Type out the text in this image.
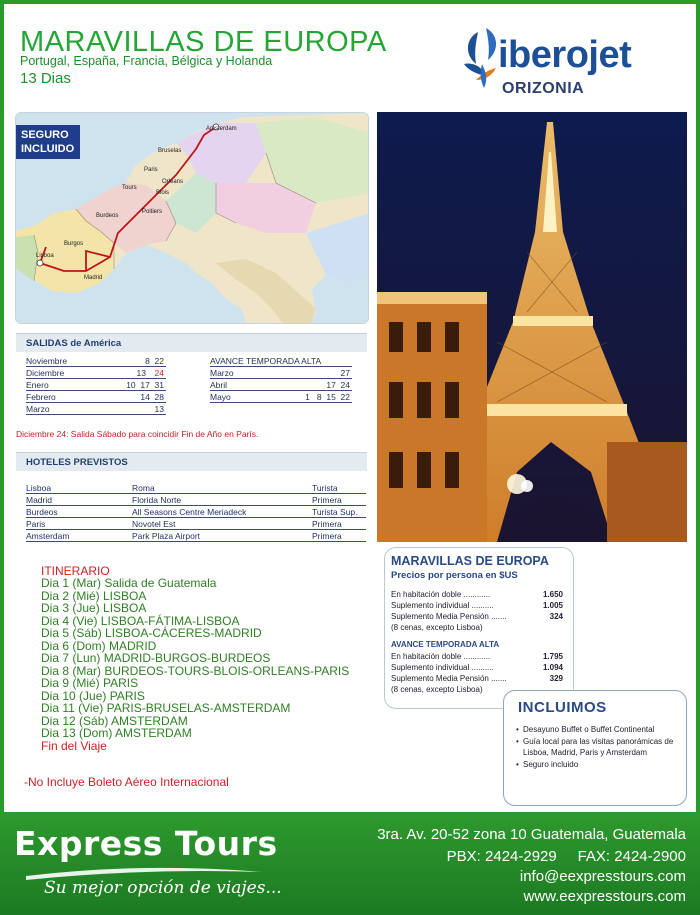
MARAVILLAS DE EUROPA
Portugal, España, Francia, Bélgica y Holanda
13 Dias
iberojet
ORIZONIA
SEGURO INCLUIDO
Amsterdam
Bruselas
Paris
Orleans
Tours
Blois
Poitiers
Burdeos
Burgos
Madrid
Lisboa
SALIDAS de América
Noviembre	8  22
Diciembre	13 24
Enero	10  17  31
Febrero	14  28
Marzo	13
AVANCE TEMPORADA ALTA
Marzo	27
Abril	17  24
Mayo	1   8  15  22
Diciembre 24: Salida Sábado para coincidir Fin de Año en París.
HOTELES PREVISTOS
Lisboa	Roma	Turista
Madrid	Florida Norte	Primera
Burdeos	All Seasons Centre Meriadeck	Turista Sup.
Paris	Novotel Est	Primera
Amsterdam	Park Plaza Airport	Primera
ITINERARIO
Dia 1 (Mar) Salida de Guatemala
Dia 2 (Mié) LISBOA
Dia 3 (Jue) LISBOA
Dia 4 (Vie) LISBOA-FÁTIMA-LISBOA
Dia 5 (Sáb) LISBOA-CÁCERES-MADRID
Dia 6 (Dom) MADRID
Dia 7 (Lun) MADRID-BURGOS-BURDEOS
Dia 8 (Mar) BURDEOS-TOURS-BLOIS-ORLEANS-PARIS
Dia 9 (Mié) PARIS
Dia 10 (Jue) PARIS
Dia 11 (Vie) PARIS-BRUSELAS-AMSTERDAM
Dia 12 (Sáb) AMSTERDAM
Dia 13 (Dom) AMSTERDAM
Fin del Viaje
-No Incluye Boleto Aéreo Internacional
MARAVILLAS DE EUROPA
Precios por persona en $US
En habitación doble ............	1.650
Suplemento individual ..........	1.005
Suplemento Media Pensión .......	324
(8 cenas, excepto Lisboa)
AVANCE TEMPORADA ALTA
En habitación doble ............	1.795
Suplemento individual ..........	1.094
Suplemento Media Pensión .......	329
(8 cenas, excepto Lisboa)
INCLUIMOS
• Desayuno Buffet o Buffet Continental
• Guía local para las visitas panorámicas de Lisboa, Madrid, Paris y Amsterdam
• Seguro incluido
Express Tours
Su mejor opción de viajes...
3ra. Av. 20-52 zona 10 Guatemala, Guatemala
PBX: 2424-2929     FAX: 2424-2900
info@eexpresstours.com
www.eexpresstours.com
